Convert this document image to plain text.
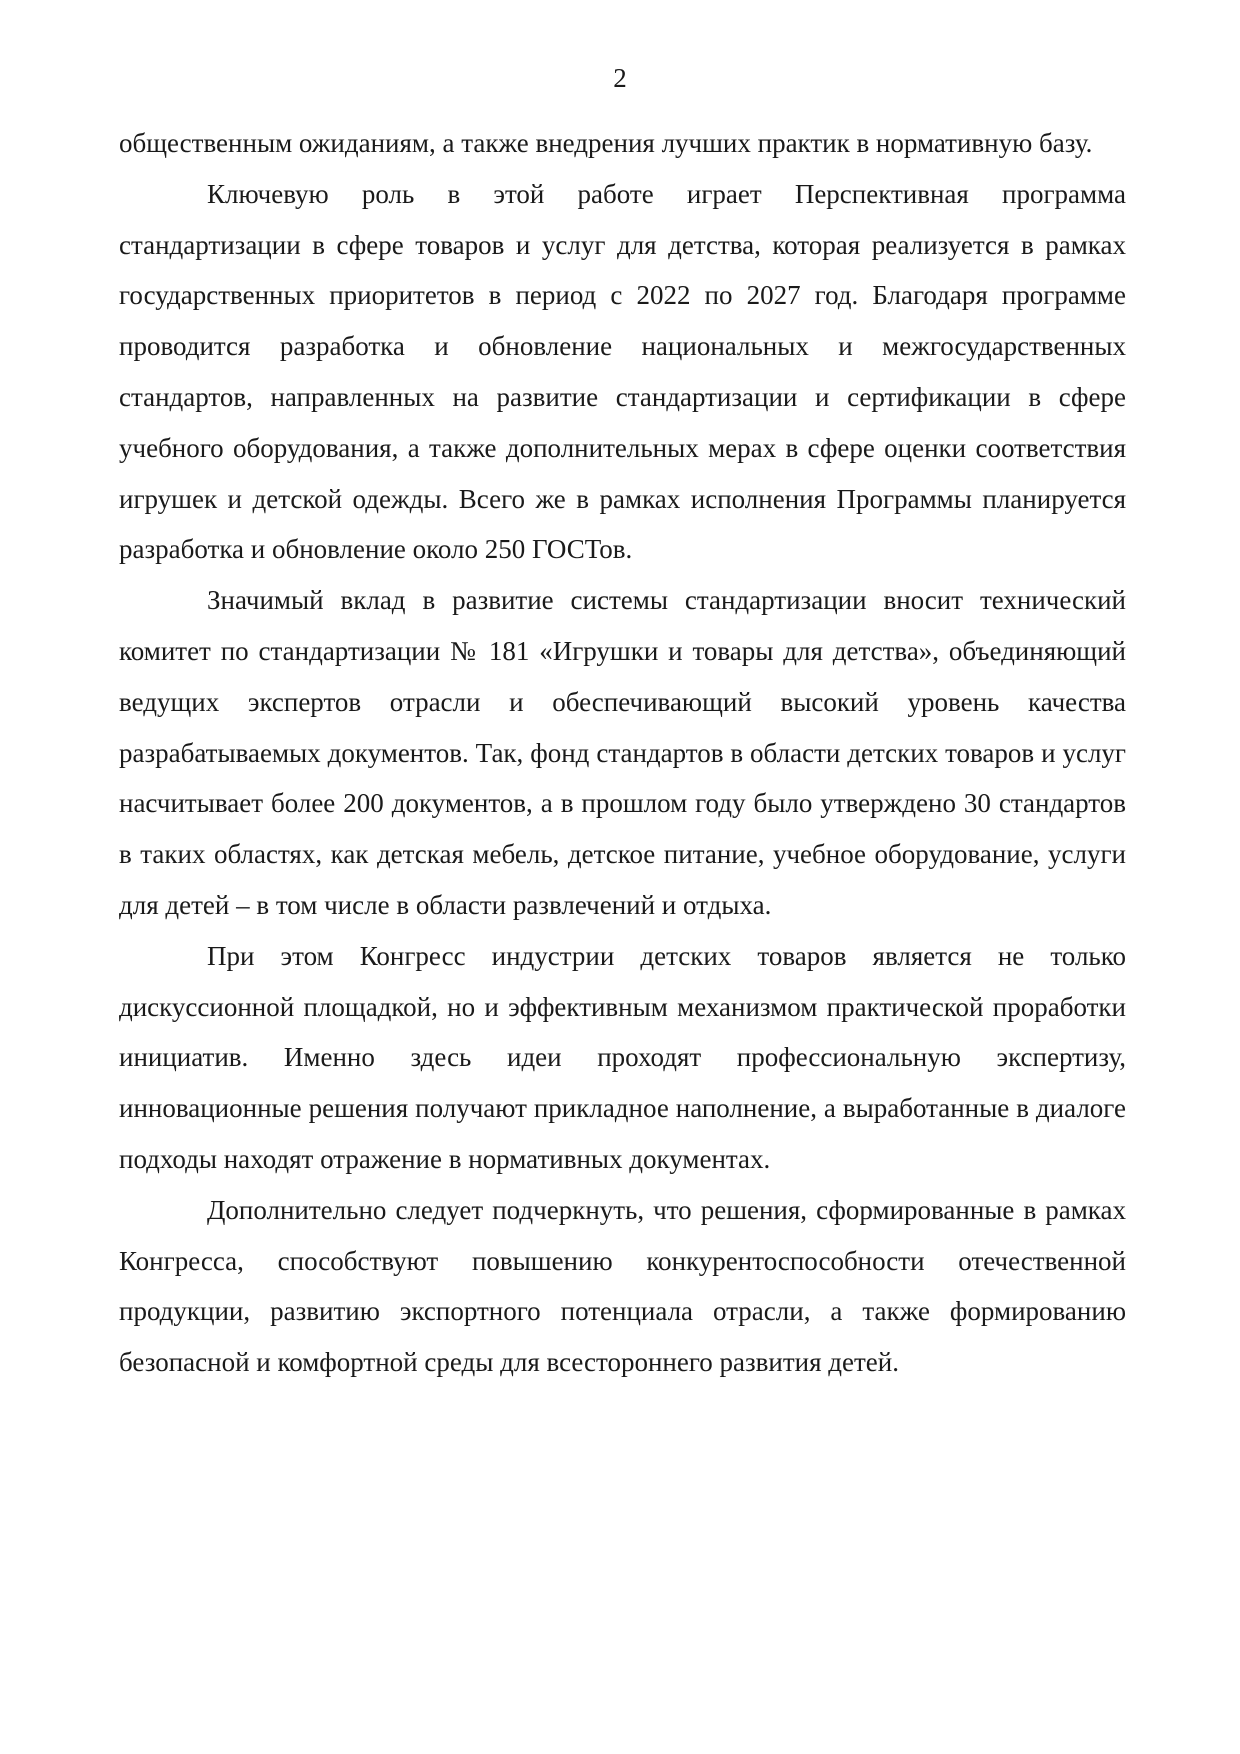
2

общественным ожиданиям, а также внедрения лучших практик в нормативную базу.

Ключевую роль в этой работе играет Перспективная программа стандартизации в сфере товаров и услуг для детства, которая реализуется в рамках государственных приоритетов в период с 2022 по 2027 год. Благодаря программе проводится разработка и обновление национальных и межгосударственных стандартов, направленных на развитие стандартизации и сертификации в сфере учебного оборудования, а также дополнительных мерах в сфере оценки соответствия игрушек и детской одежды. Всего же в рамках исполнения Программы планируется разработка и обновление около 250 ГОСТов.

Значимый вклад в развитие системы стандартизации вносит технический комитет по стандартизации № 181 «Игрушки и товары для детства», объединяющий ведущих экспертов отрасли и обеспечивающий высокий уровень качества разрабатываемых документов. Так, фонд стандартов в области детских товаров и услуг насчитывает более 200 документов, а в прошлом году было утверждено 30 стандартов в таких областях, как детская мебель, детское питание, учебное оборудование, услуги для детей – в том числе в области развлечений и отдыха.

При этом Конгресс индустрии детских товаров является не только дискуссионной площадкой, но и эффективным механизмом практической проработки инициатив. Именно здесь идеи проходят профессиональную экспертизу, инновационные решения получают прикладное наполнение, а выработанные в диалоге подходы находят отражение в нормативных документах.

Дополнительно следует подчеркнуть, что решения, сформированные в рамках Конгресса, способствуют повышению конкурентоспособности отечественной продукции, развитию экспортного потенциала отрасли, а также формированию безопасной и комфортной среды для всестороннего развития детей.
